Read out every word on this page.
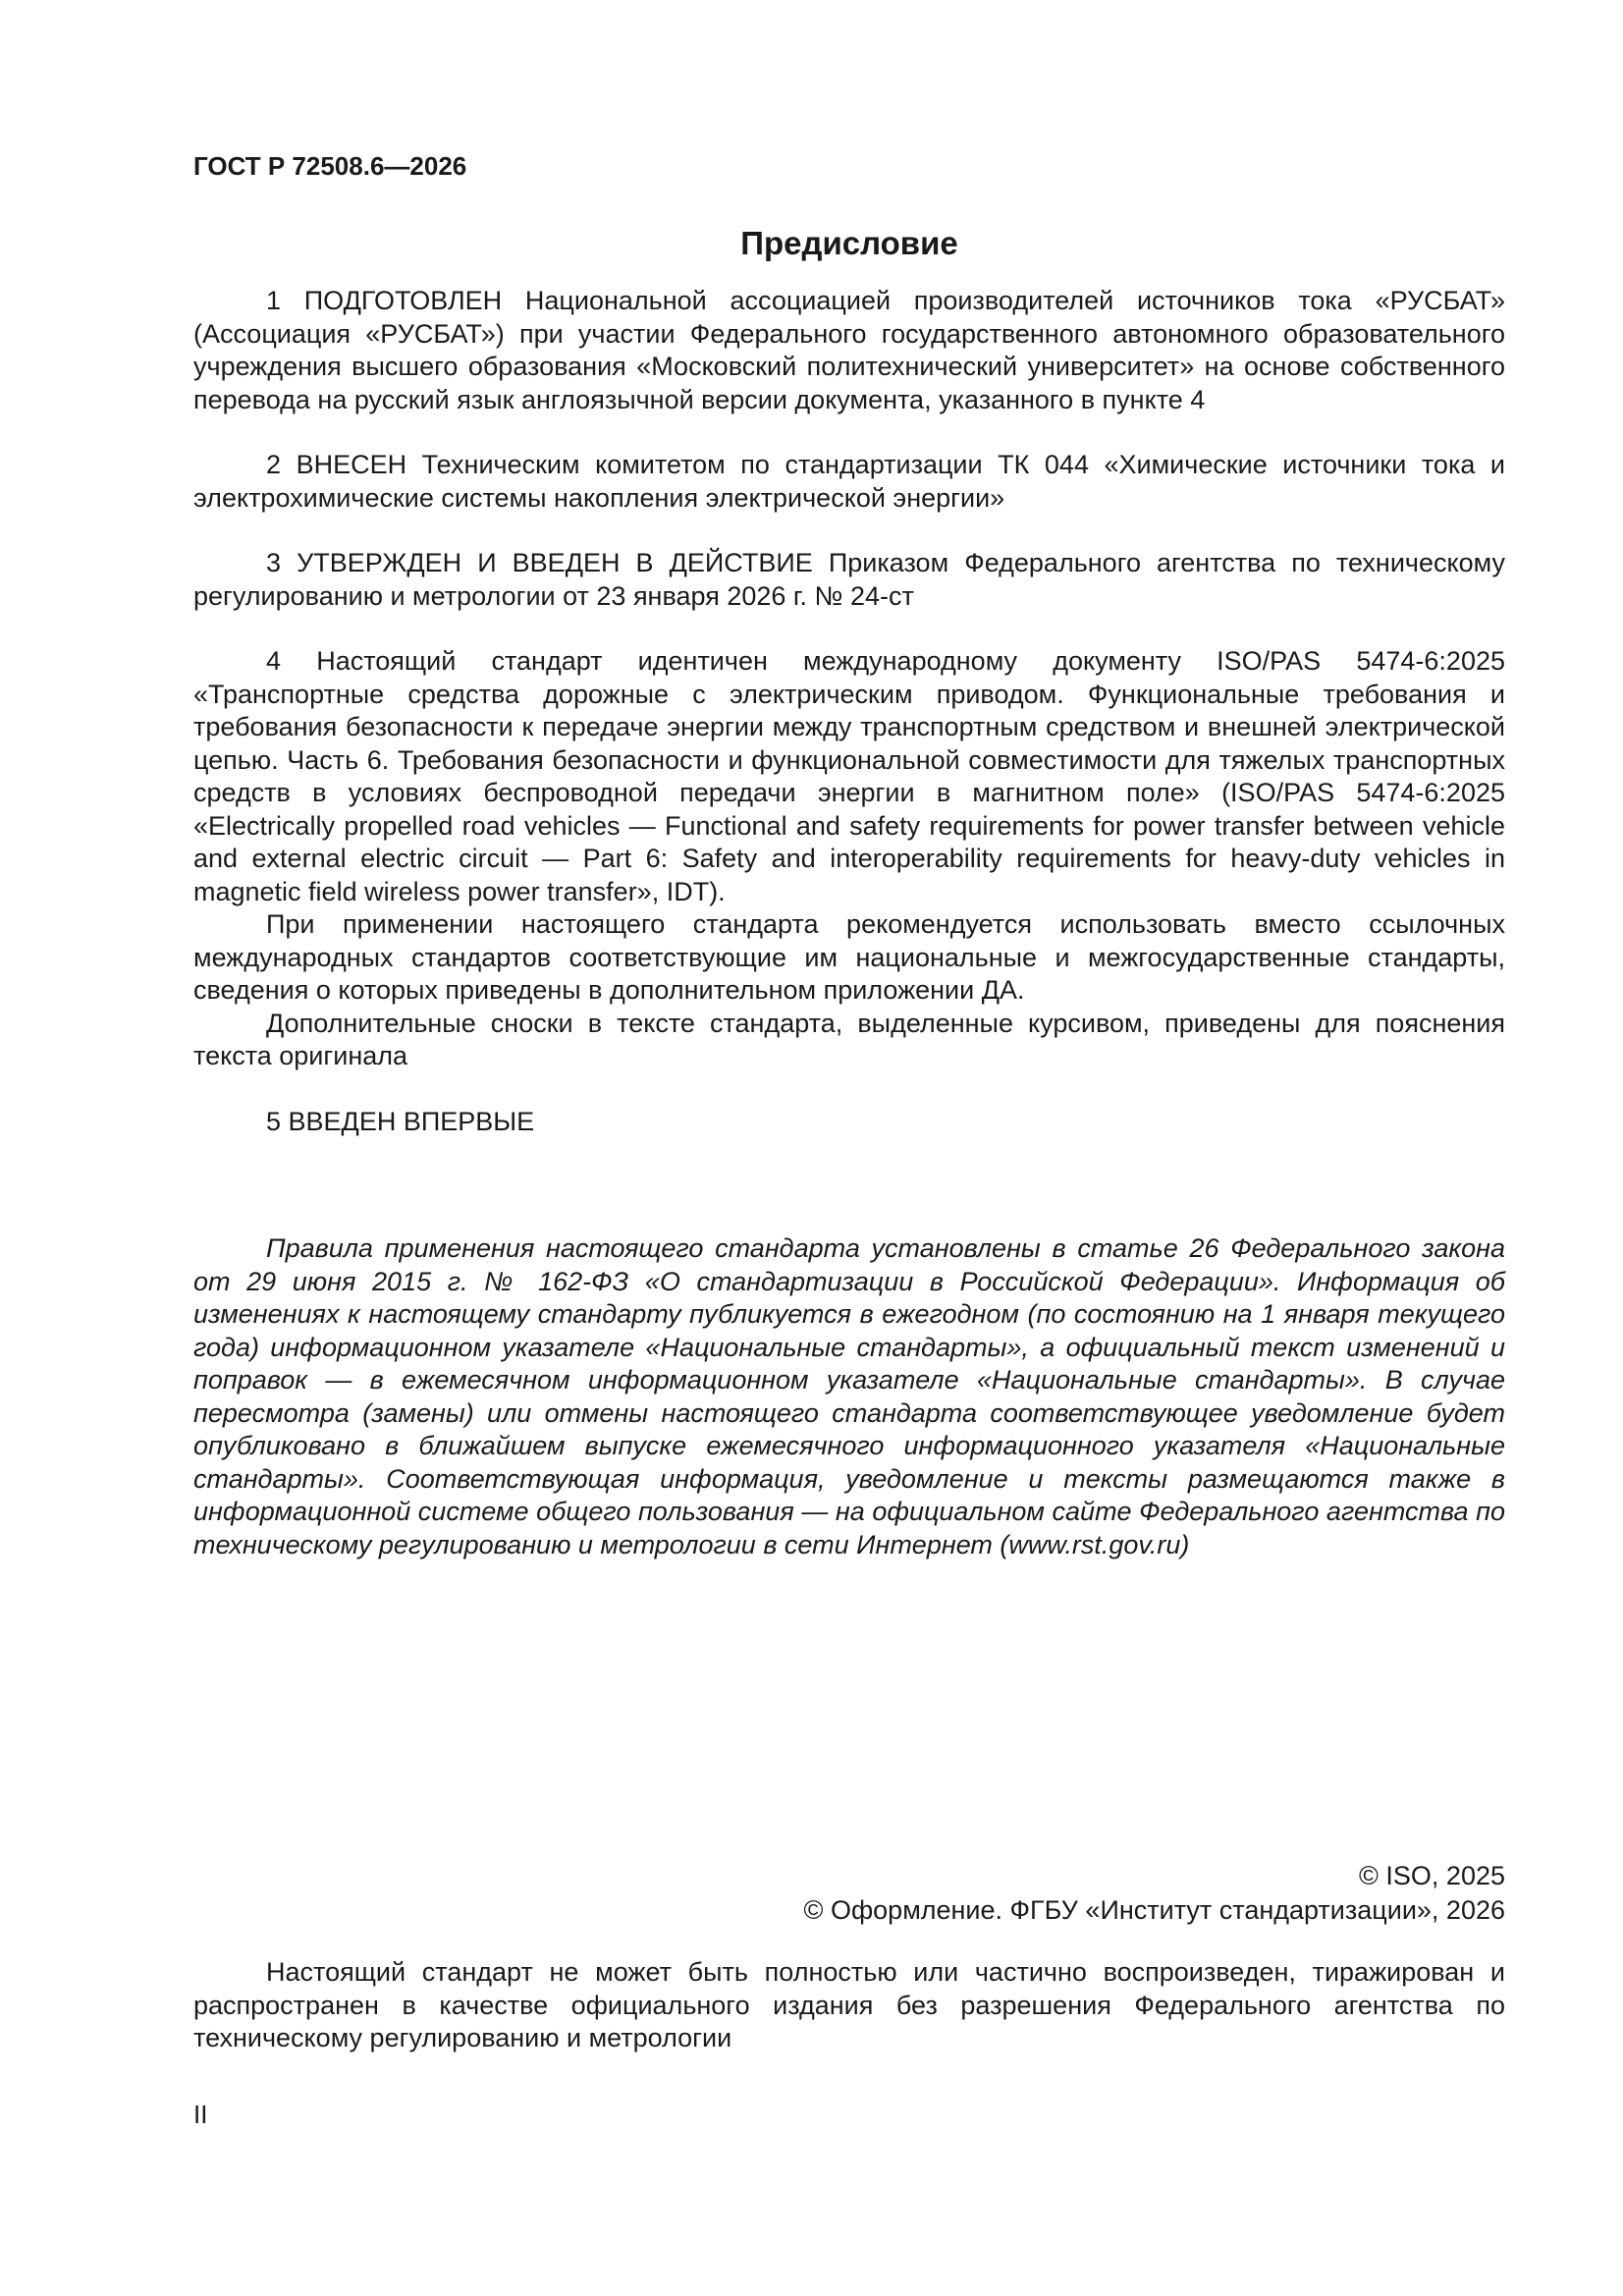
ГОСТ Р 72508.6—2026
Предисловие

1 ПОДГОТОВЛЕН Национальной ассоциацией производителей источников тока «РУСБАТ» (Ассоциация «РУСБАТ») при участии Федерального государственного автономного образовательного учреждения высшего образования «Московский политехнический университет» на основе собственного перевода на русский язык англоязычной версии документа, указанного в пункте 4

2 ВНЕСЕН Техническим комитетом по стандартизации ТК 044 «Химические источники тока и электрохимические системы накопления электрической энергии»

3 УТВЕРЖДЕН И ВВЕДЕН В ДЕЙСТВИЕ Приказом Федерального агентства по техническому регулированию и метрологии от 23 января 2026 г. № 24-ст

4 Настоящий стандарт идентичен международному документу ISO/PAS 5474-6:2025 «Транспортные средства дорожные с электрическим приводом. Функциональные требования и требования безопасности к передаче энергии между транспортным средством и внешней электрической цепью. Часть 6. Требования безопасности и функциональной совместимости для тяжелых транспортных средств в условиях беспроводной передачи энергии в магнитном поле» (ISO/PAS 5474-6:2025 «Electrically propelled road vehicles — Functional and safety requirements for power transfer between vehicle and external electric circuit — Part 6: Safety and interoperability requirements for heavy-duty vehicles in magnetic field wireless power transfer», IDT).

При применении настоящего стандарта рекомендуется использовать вместо ссылочных международных стандартов соответствующие им национальные и межгосударственные стандарты, сведения о которых приведены в дополнительном приложении ДА.

Дополнительные сноски в тексте стандарта, выделенные курсивом, приведены для пояснения текста оригинала

5 ВВЕДЕН ВПЕРВЫЕ

Правила применения настоящего стандарта установлены в статье 26 Федерального закона от 29 июня 2015 г. № 162-ФЗ «О стандартизации в Российской Федерации». Информация об изменениях к настоящему стандарту публикуется в ежегодном (по состоянию на 1 января текущего года) информационном указателе «Национальные стандарты», а официальный текст изменений и поправок — в ежемесячном информационном указателе «Национальные стандарты». В случае пересмотра (замены) или отмены настоящего стандарта соответствующее уведомление будет опубликовано в ближайшем выпуске ежемесячного информационного указателя «Национальные стандарты». Соответствующая информация, уведомление и тексты размещаются также в информационной системе общего пользования — на официальном сайте Федерального агентства по техническому регулированию и метрологии в сети Интернет (www.rst.gov.ru)

© ISO, 2025
© Оформление. ФГБУ «Институт стандартизации», 2026

Настоящий стандарт не может быть полностью или частично воспроизведен, тиражирован и распространен в качестве официального издания без разрешения Федерального агентства по техническому регулированию и метрологии

II
